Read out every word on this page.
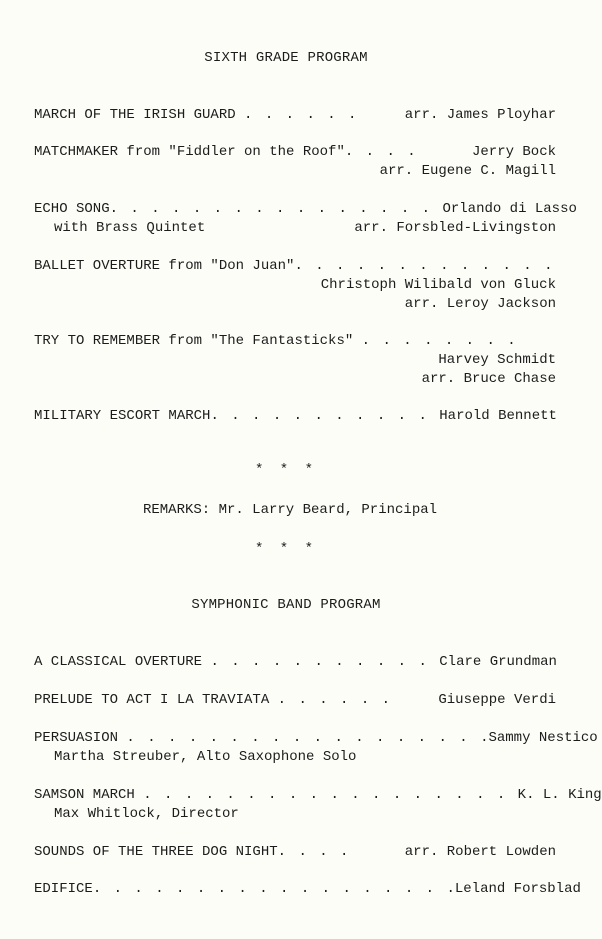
SIXTH GRADE PROGRAM
MARCH OF THE IRISH GUARD . . . . . .	arr. James Ployhar
MATCHMAKER from "Fiddler on the Roof" . . . .	Jerry Bock
arr. Eugene C. Magill
ECHO SONG . . . . . . . . . . . . . . . . Orlando di Lasso
with Brass Quintet	arr. Forsbled-Livingston
BALLET OVERTURE from "Don Juan" . . . . . . . . . . . . .
Christoph Wilibald von Gluck
arr. Leroy Jackson
TRY TO REMEMBER from "The Fantasticks" . . . . . . . .
Harvey Schmidt
arr. Bruce Chase
MILITARY ESCORT MARCH . . . . . . . . . . . Harold Bennett
* * *
REMARKS: Mr. Larry Beard, Principal
* * *
SYMPHONIC BAND PROGRAM
A CLASSICAL OVERTURE . . . . . . . . . . . Clare Grundman
PRELUDE TO ACT I LA TRAVIATA . . . . . .	Giuseppe Verdi
PERSUASION . . . . . . . . . . . . . . . . . .Sammy Nestico
Martha Streuber, Alto Saxophone Solo
SAMSON MARCH . . . . . . . . . . . . . . . . . . K. L. King
Max Whitlock, Director
SOUNDS OF THE THREE DOG NIGHT . . . .	arr. Robert Lowden
EDIFICE . . . . . . . . . . . . . . . . . .Leland Forsblad
